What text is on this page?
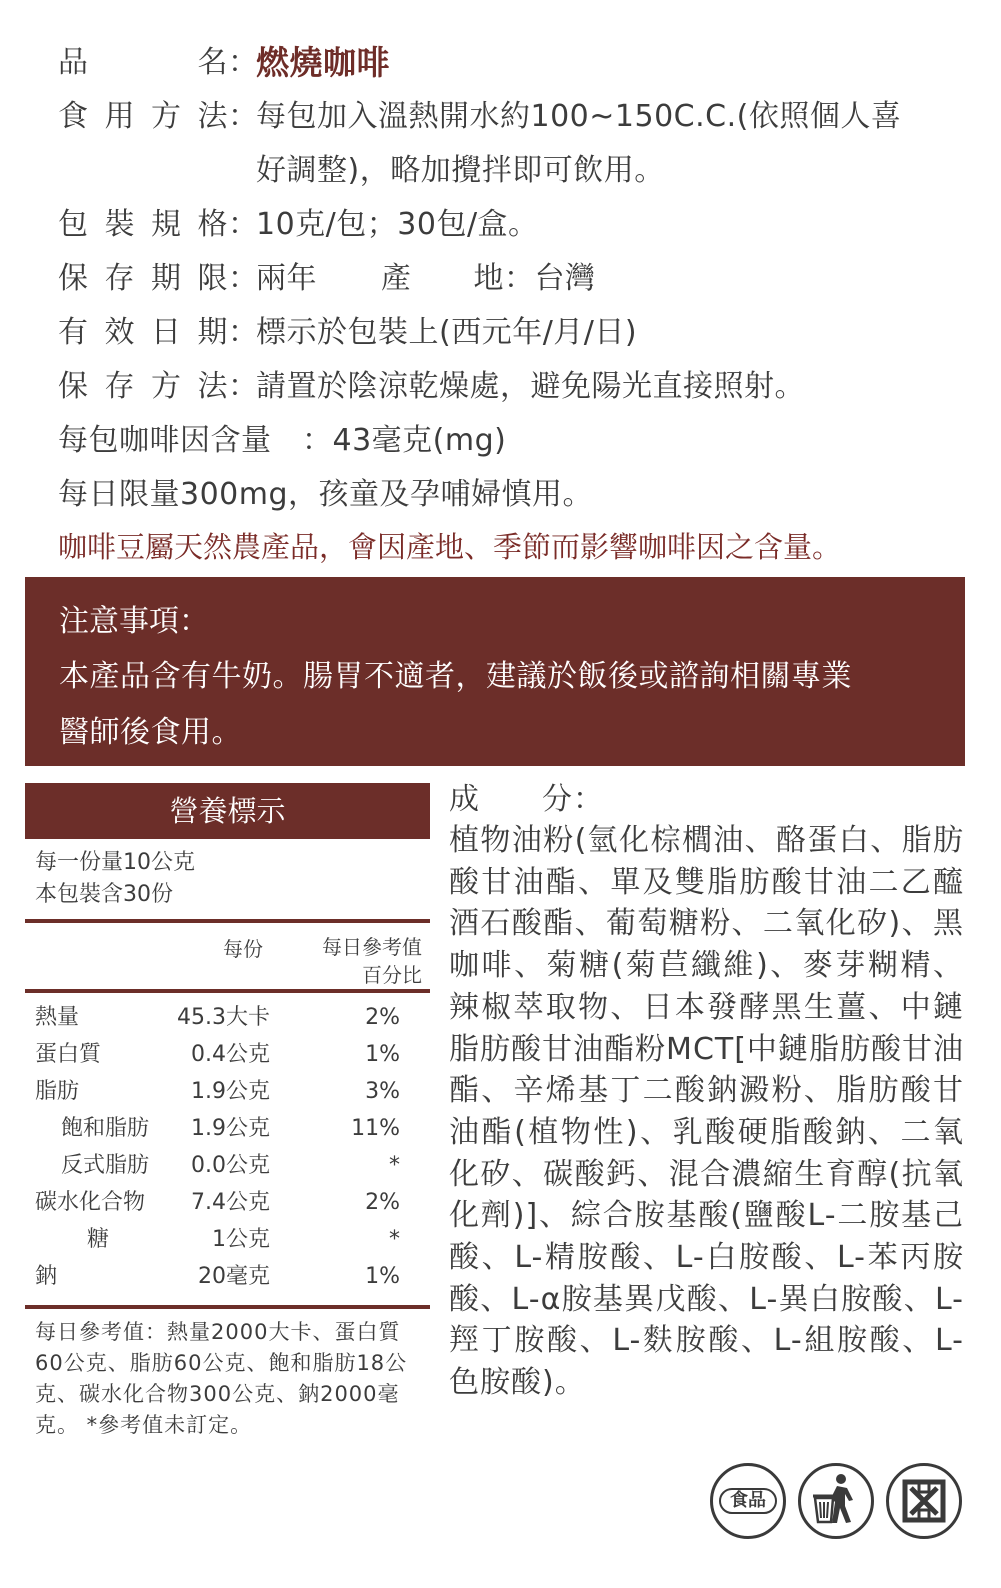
品　　名 ：
燃燒咖啡
食用方法 ：
每包加入溫熱開水約100~150C.C.(依照個人喜
好調整)，略加攪拌即可飲用。
包裝規格 ：
10克/包；30包/盒。
保存期限 ：
兩年 產 地：台灣
有效日期 ：
標示於包裝上(西元年/月/日)
保存方法 ：
請置於陰涼乾燥處，避免陽光直接照射。
每包咖啡因含量　：43毫克(mg)
每日限量300mg，孩童及孕哺婦慎用。
咖啡豆屬天然農產品，會因產地、季節而影響咖啡因之含量。
注意事項：
本產品含有牛奶。腸胃不適者，建議於飯後或諮詢相關專業
醫師後食用。
營養標示
每一份量10公克
本包裝含30份
每份	每日參考值
百分比
熱量	45.3大卡	2%
蛋白質	0.4公克	1%
脂肪	1.9公克	3%
飽和脂肪 1.9公克	11%
反式脂肪 0.0公克	*
碳水化合物 7.4公克	2%
糖	1公克	*
鈉	20毫克	1%
每日參考值：熱量2000大卡、蛋白質60公克、脂肪60公克、飽和脂肪18公克、碳水化合物300公克、鈉2000毫克。 *參考值未訂定。
成 分：
植物油粉(氫化棕櫚油、酪蛋白、脂肪酸甘油酯、單及雙脂肪酸甘油二乙醯酒石酸酯、葡萄糖粉、二氧化矽)、黑咖啡、菊糖(菊苣纖維)、麥芽糊精、辣椒萃取物、日本發酵黑生薑、中鏈脂肪酸甘油酯粉MCT[中鏈脂肪酸甘油酯、辛烯基丁二酸鈉澱粉、脂肪酸甘油酯(植物性)、乳酸硬脂酸鈉、二氧化矽、碳酸鈣、混合濃縮生育醇(抗氧化劑)]、綜合胺基酸(鹽酸L-二胺基己酸、L-精胺酸、L-白胺酸、L-苯丙胺酸、L-α胺基異戊酸、L-異白胺酸、L-羥丁胺酸、L-麩胺酸、L-組胺酸、L-色胺酸)。
食品
